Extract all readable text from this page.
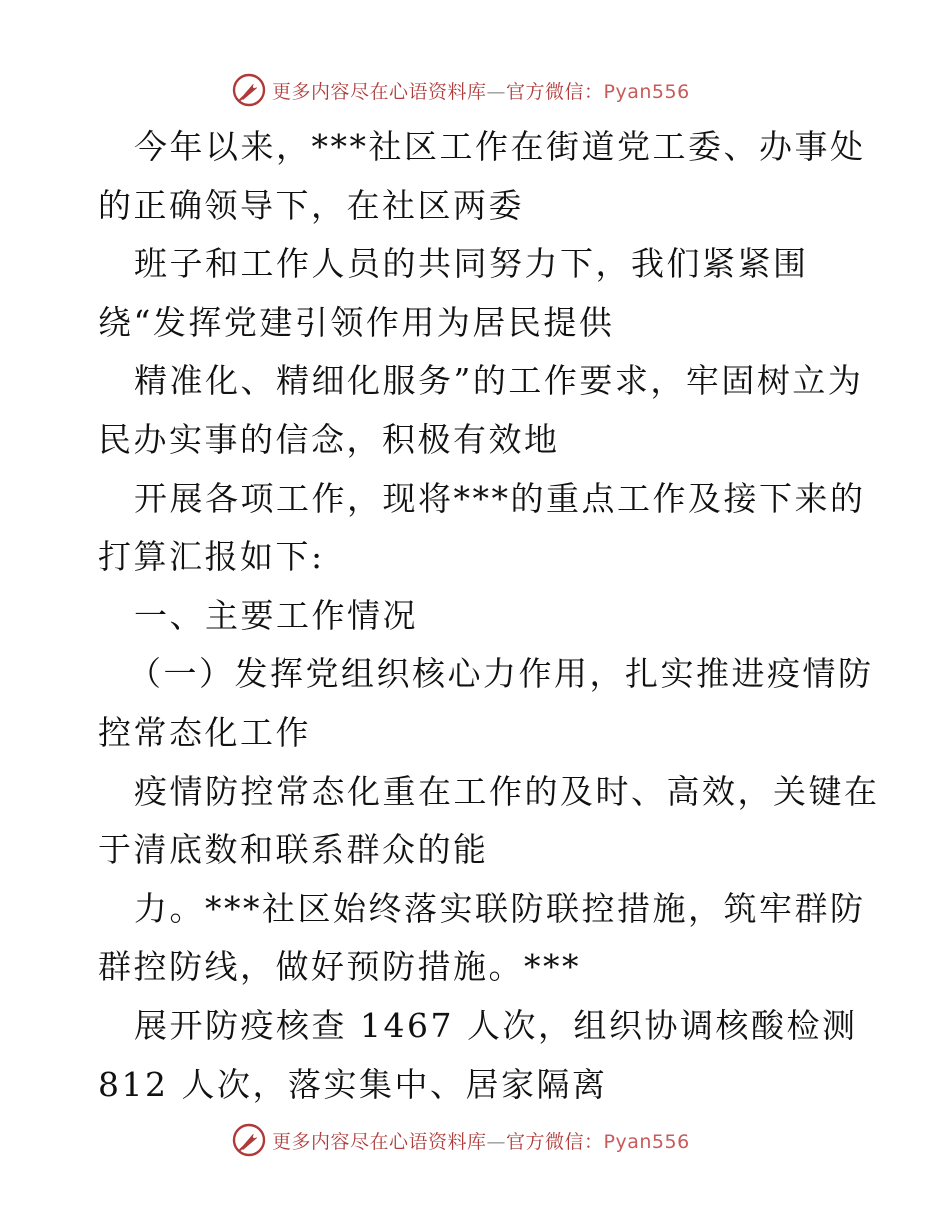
更多内容尽在心语资料库—官方微信：Pyan556
今年以来，***社区工作在街道党工委、办事处
的正确领导下，在社区两委
班子和工作人员的共同努力下，我们紧紧围
绕“发挥党建引领作用为居民提供
精准化、精细化服务”的工作要求，牢固树立为
民办实事的信念，积极有效地
开展各项工作，现将***的重点工作及接下来的
打算汇报如下:
一、主要工作情况
（一）发挥党组织核心力作用，扎实推进疫情防
控常态化工作
疫情防控常态化重在工作的及时、高效，关键在
于清底数和联系群众的能
力。***社区始终落实联防联控措施，筑牢群防
群控防线，做好预防措施。***
展开防疫核查 1467 人次，组织协调核酸检测
812 人次，落实集中、居家隔离
更多内容尽在心语资料库—官方微信：Pyan556
